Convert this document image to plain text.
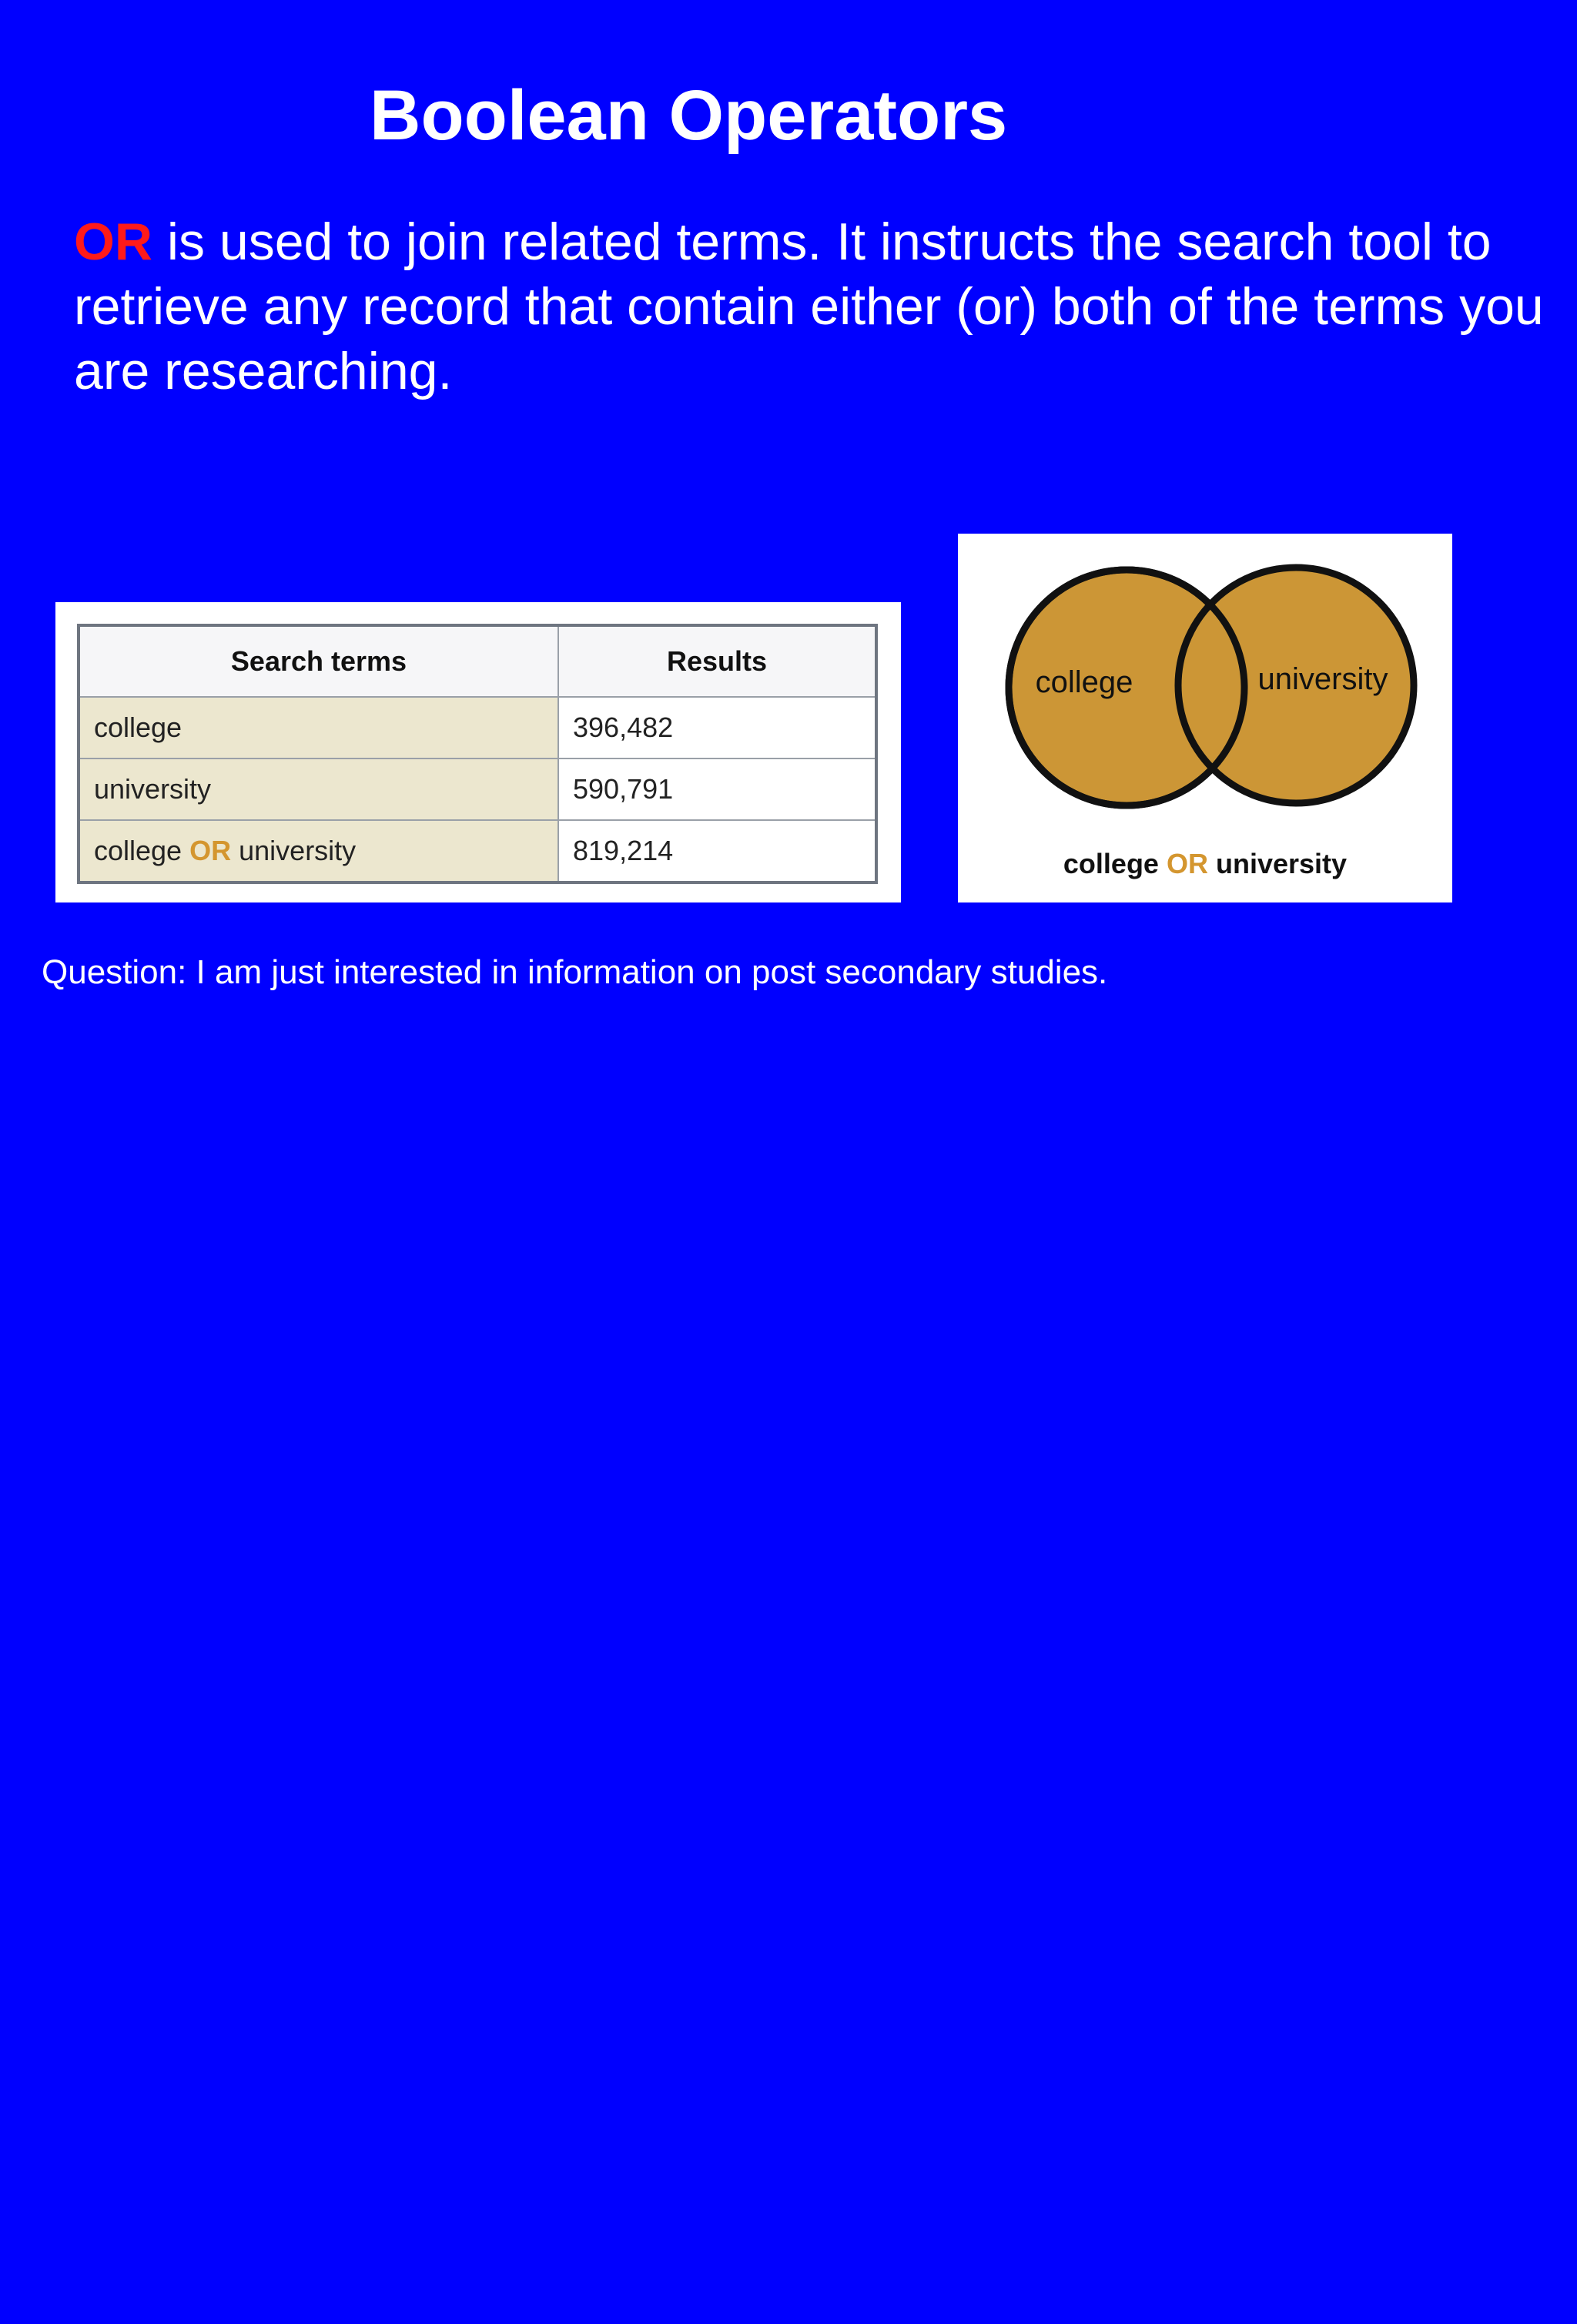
Boolean Operators

OR is used to join related terms. It instructs the search tool to retrieve any record that contain either (or) both of the terms you are researching.

Search terms	Results
college	396,482
university	590,791
college OR university	819,214
college	university
college OR university

Question: I am just interested in information on post secondary studies.
